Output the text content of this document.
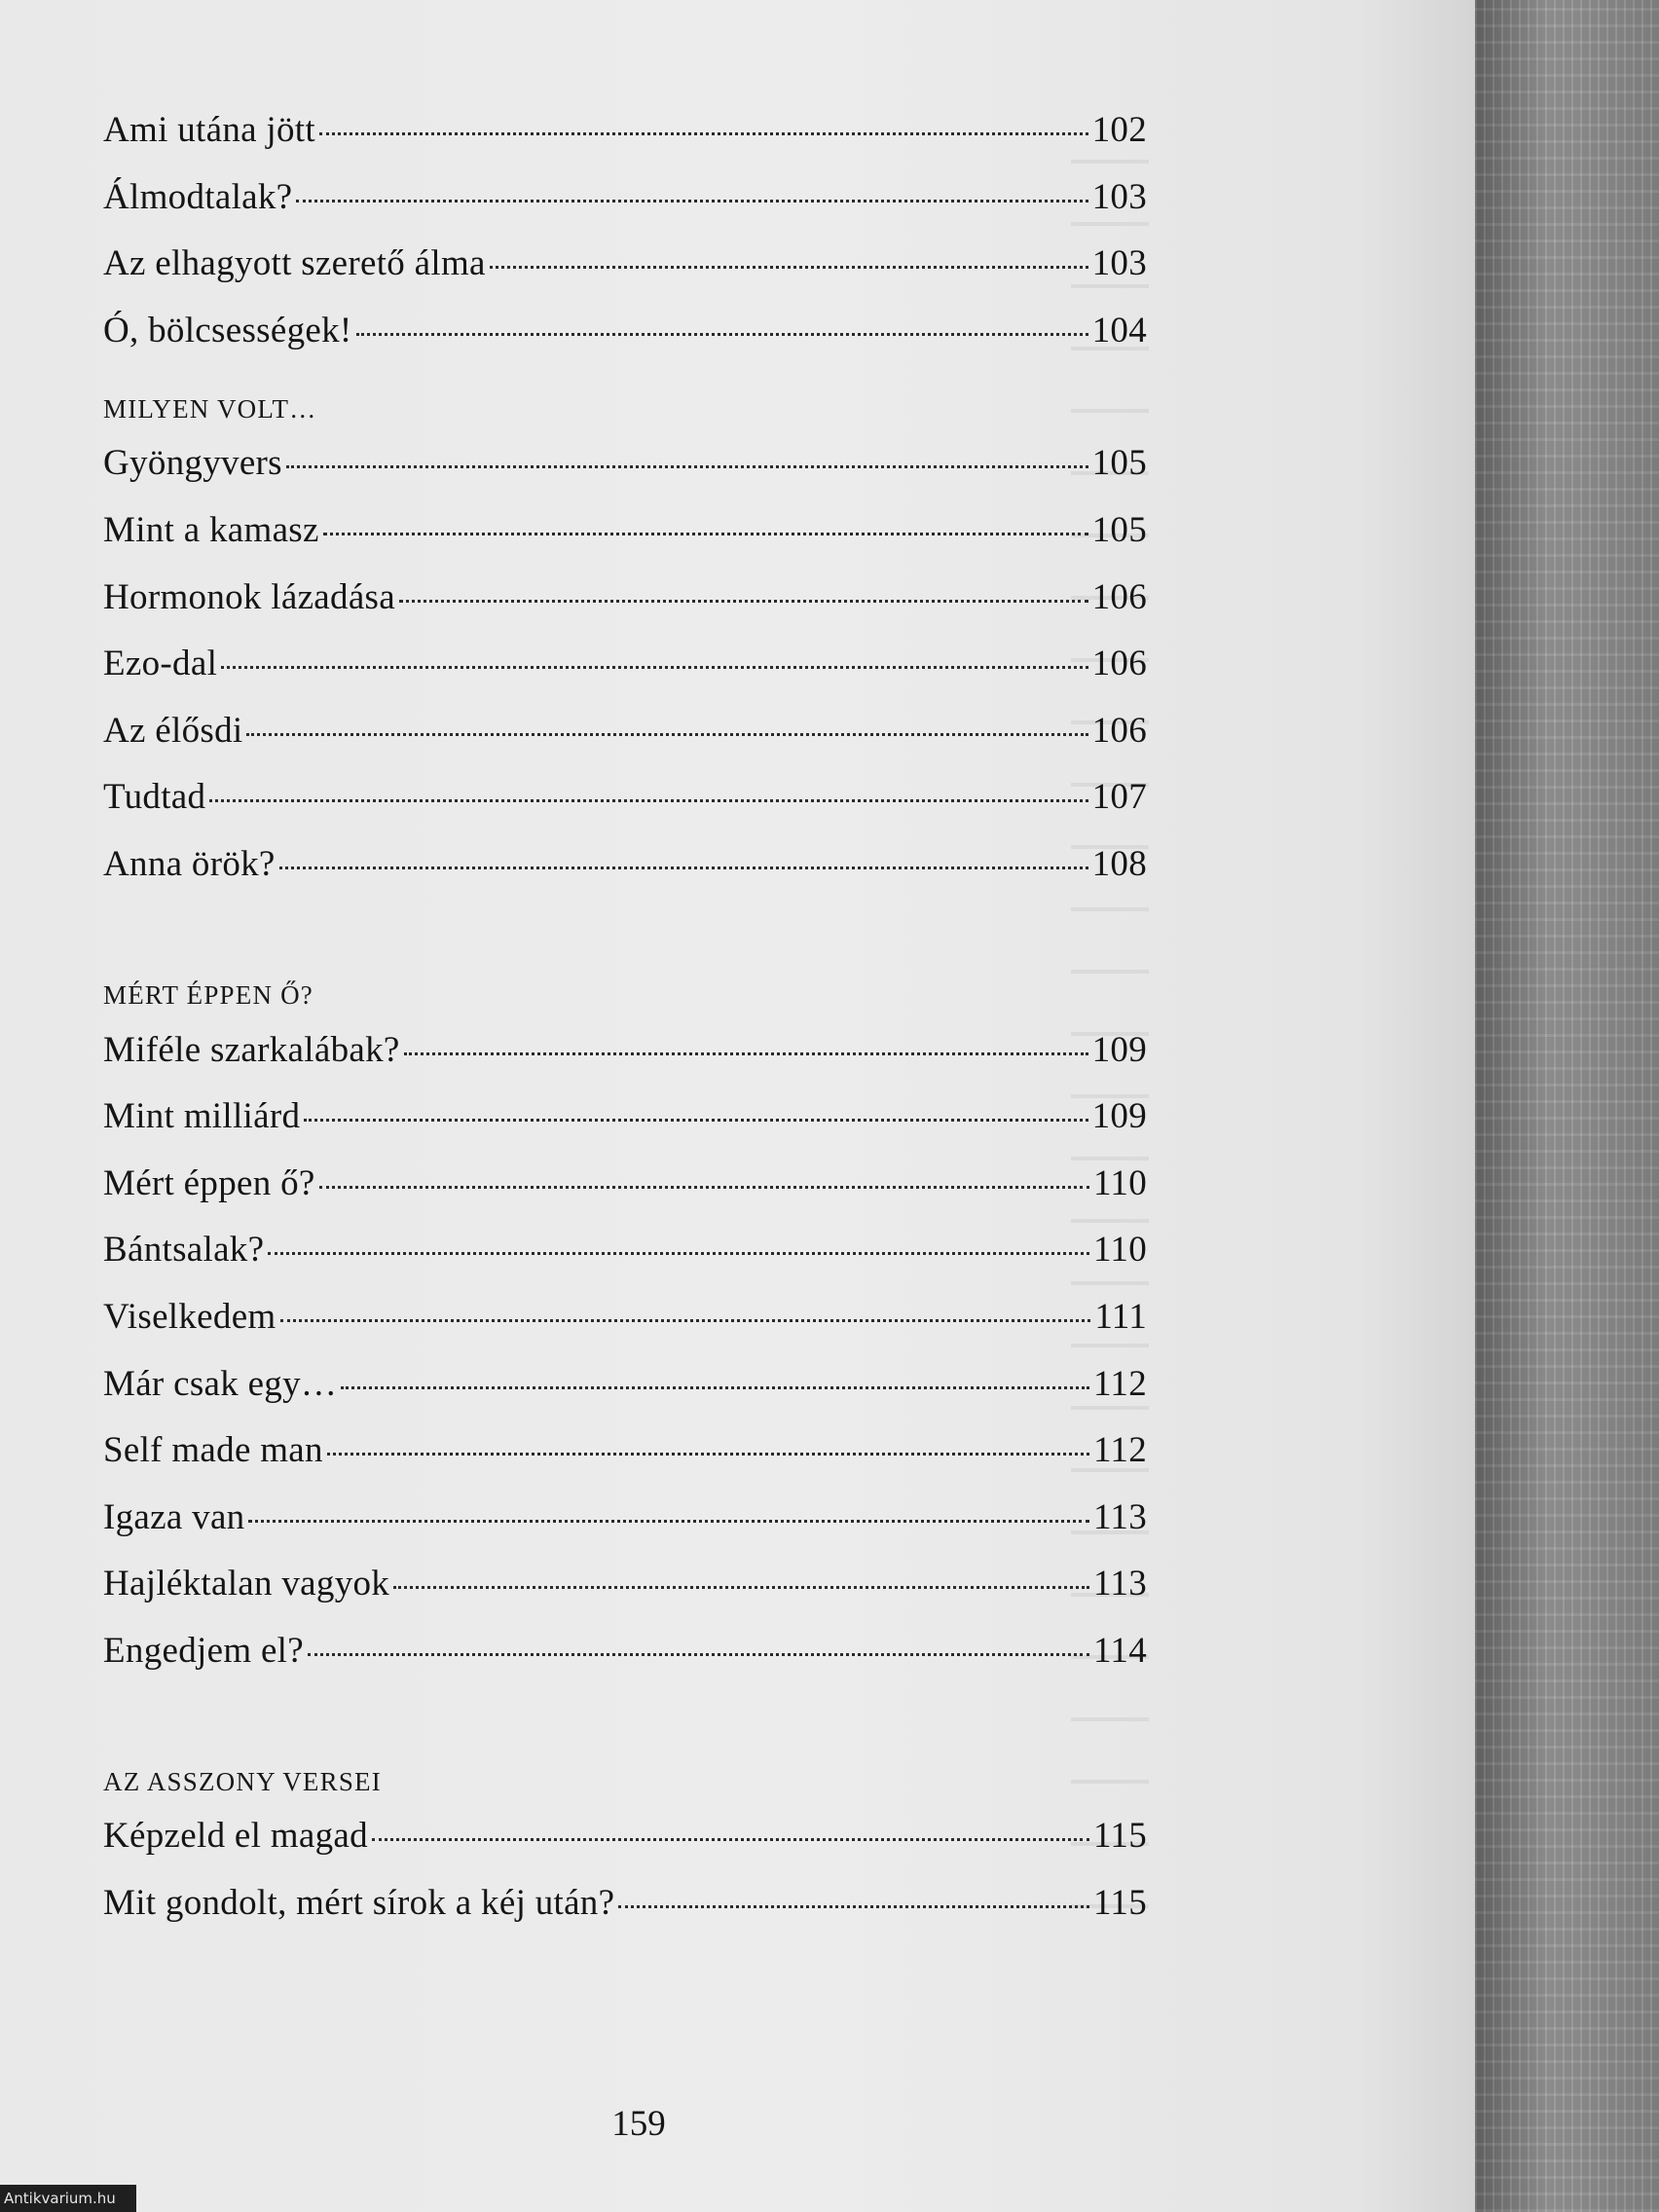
Ami utána jött	102
Álmodtalak?	103
Az elhagyott szerető álma	103
Ó, bölcsességek!	104
MILYEN VOLT…
Gyöngyvers	105
Mint a kamasz	105
Hormonok lázadása	106
Ezo-dal	106
Az élősdi	106
Tudtad	107
Anna örök?	108
MÉRT ÉPPEN Ő?
Miféle szarkalábak?	109
Mint milliárd	109
Mért éppen ő?	110
Bántsalak?	110
Viselkedem	111
Már csak egy…	112
Self made man	112
Igaza van	113
Hajléktalan vagyok	113
Engedjem el?	114
AZ ASSZONY VERSEI
Képzeld el magad	115
Mit gondolt, mért sírok a kéj után?	115
159
Antikvarium.hu
